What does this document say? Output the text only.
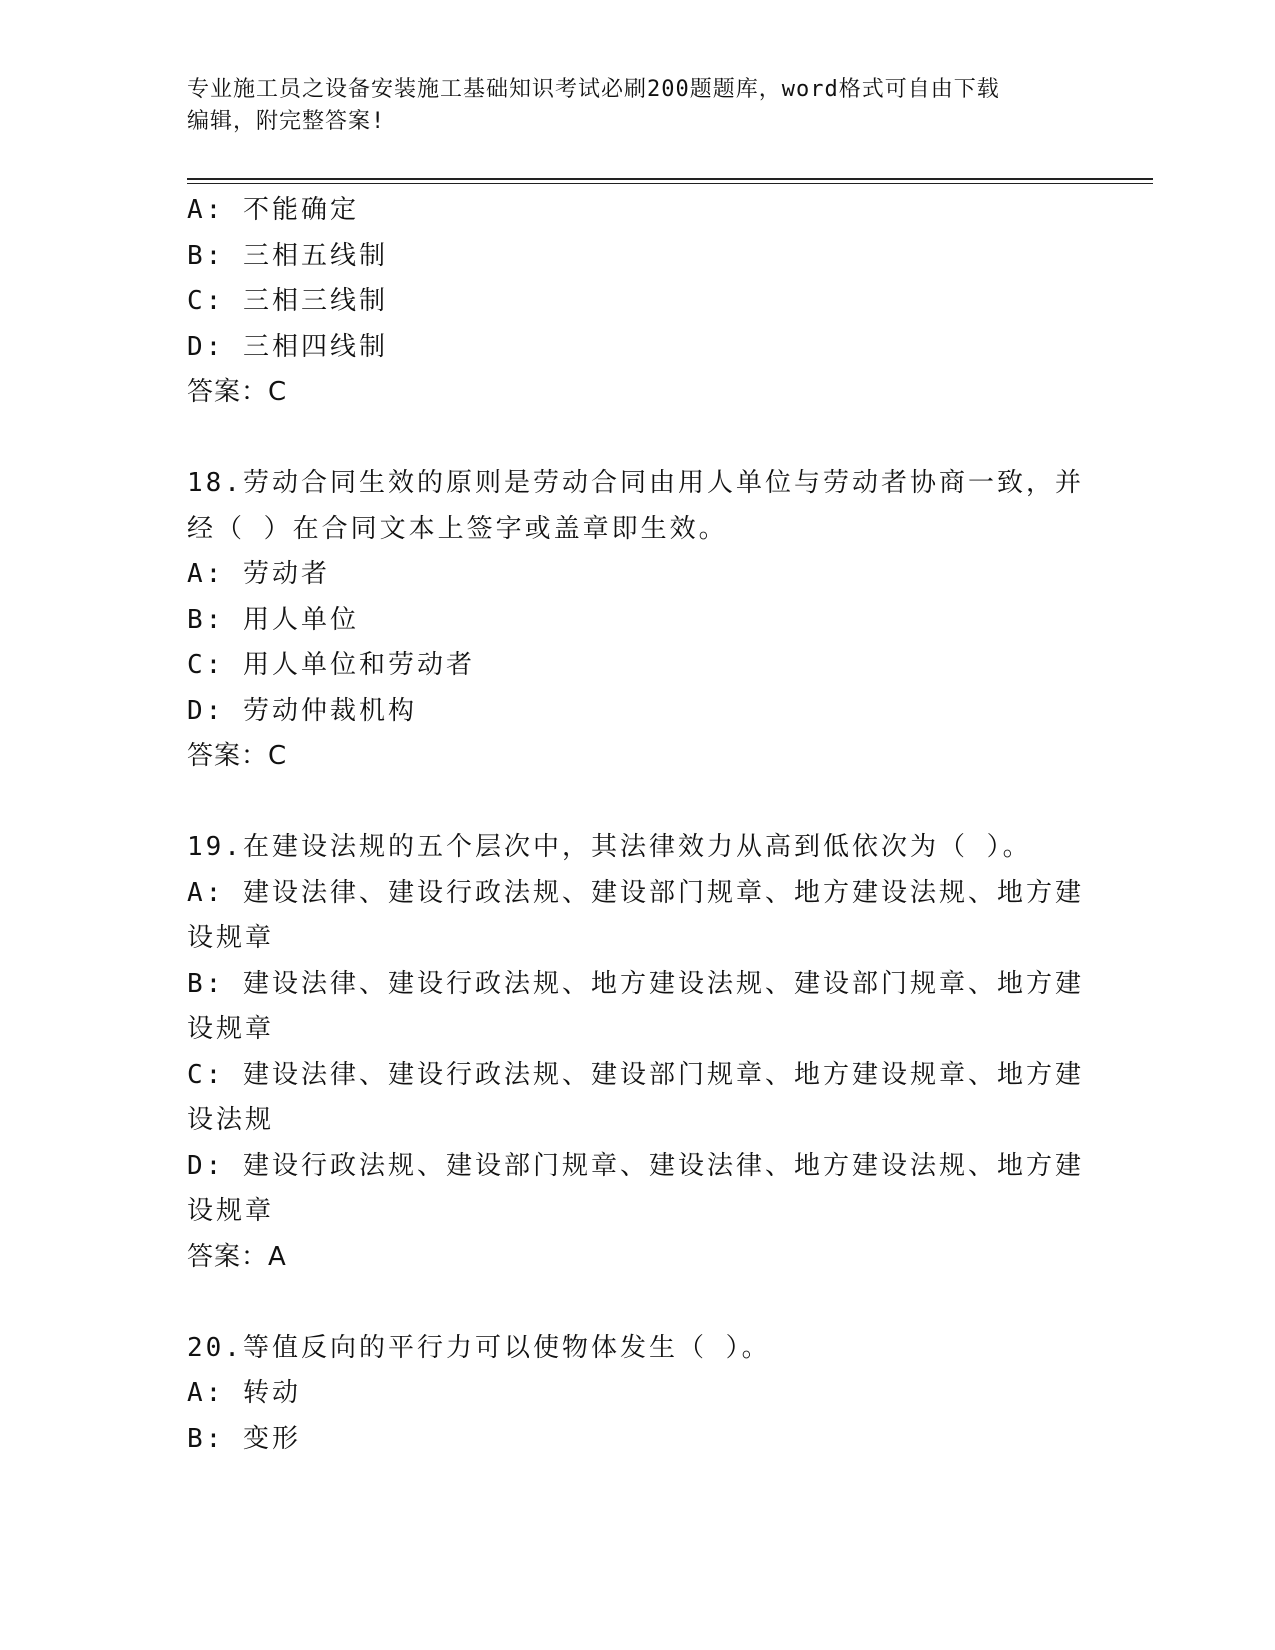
专业施工员之设备安装施工基础知识考试必刷200题题库，word格式可自由下载
编辑，附完整答案!
A: 不能确定
B: 三相五线制
C: 三相三线制
D: 三相四线制
答案：C
18.劳动合同生效的原则是劳动合同由用人单位与劳动者协商一致，并
经（ ）在合同文本上签字或盖章即生效。
A: 劳动者
B: 用人单位
C: 用人单位和劳动者
D: 劳动仲裁机构
答案：C
19.在建设法规的五个层次中，其法律效力从高到低依次为（ ）。
A: 建设法律、建设行政法规、建设部门规章、地方建设法规、地方建
设规章
B: 建设法律、建设行政法规、地方建设法规、建设部门规章、地方建
设规章
C: 建设法律、建设行政法规、建设部门规章、地方建设规章、地方建
设法规
D: 建设行政法规、建设部门规章、建设法律、地方建设法规、地方建
设规章
答案：A
20.等值反向的平行力可以使物体发生（ ）。
A: 转动
B: 变形
